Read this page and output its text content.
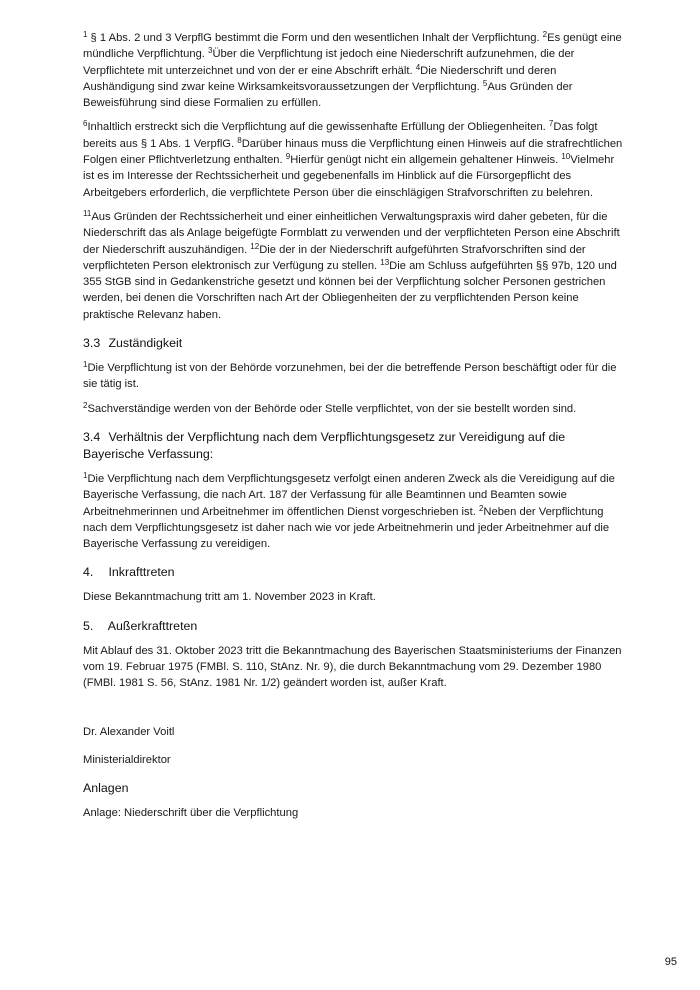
$^1$ § 1 Abs. 2 und 3 VerpflG bestimmt die Form und den wesentlichen Inhalt der Verpflichtung. $^2$Es genügt eine mündliche Verpflichtung. $^3$Über die Verpflichtung ist jedoch eine Niederschrift aufzunehmen, die der Verpflichtete mit unterzeichnet und von der er eine Abschrift erhält. $^4$Die Niederschrift und deren Aushändigung sind zwar keine Wirksamkeitsvoraussetzungen der Verpflichtung. $^5$Aus Gründen der Beweisführung sind diese Formalien zu erfüllen.

$^6$Inhaltlich erstreckt sich die Verpflichtung auf die gewissenhafte Erfüllung der Obliegenheiten. $^7$Das folgt bereits aus § 1 Abs. 1 VerpflG. $^8$Darüber hinaus muss die Verpflichtung einen Hinweis auf die strafrechtlichen Folgen einer Pflichtverletzung enthalten. $^9$Hierfür genügt nicht ein allgemein gehaltener Hinweis. $^{10}$Vielmehr ist es im Interesse der Rechtssicherheit und gegebenenfalls im Hinblick auf die Fürsorgepflicht des Arbeitgebers erforderlich, die verpflichtete Person über die einschlägigen Strafvorschriften zu belehren.

$^{11}$Aus Gründen der Rechtssicherheit und einer einheitlichen Verwaltungspraxis wird daher gebeten, für die Niederschrift das als Anlage beigefügte Formblatt zu verwenden und der verpflichteten Person eine Abschrift der Niederschrift auszuhändigen. $^{12}$Die der in der Niederschrift aufgeführten Strafvorschriften sind der verpflichteten Person elektronisch zur Verfügung zu stellen. $^{13}$Die am Schluss aufgeführten §§ 97b, 120 und 355 StGB sind in Gedankenstriche gesetzt und können bei der Verpflichtung solcher Personen gestrichen werden, bei denen die Vorschriften nach Art der Obliegenheiten der zu verpflichtenden Person keine praktische Relevanz haben.

3.3 Zuständigkeit

$^1$Die Verpflichtung ist von der Behörde vorzunehmen, bei der die betreffende Person beschäftigt oder für die sie tätig ist.

$^2$Sachverständige werden von der Behörde oder Stelle verpflichtet, von der sie bestellt worden sind.

3.4 Verhältnis der Verpflichtung nach dem Verpflichtungsgesetz zur Vereidigung auf die Bayerische Verfassung:

$^1$Die Verpflichtung nach dem Verpflichtungsgesetz verfolgt einen anderen Zweck als die Vereidigung auf die Bayerische Verfassung, die nach Art. 187 der Verfassung für alle Beamtinnen und Beamten sowie Arbeitnehmerinnen und Arbeitnehmer im öffentlichen Dienst vorgeschrieben ist. $^2$Neben der Verpflichtung nach dem Verpflichtungsgesetz ist daher nach wie vor jede Arbeitnehmerin und jeder Arbeitnehmer auf die Bayerische Verfassung zu vereidigen.

4. Inkrafttreten

Diese Bekanntmachung tritt am 1. November 2023 in Kraft.

5. Außerkrafttreten

Mit Ablauf des 31. Oktober 2023 tritt die Bekanntmachung des Bayerischen Staatsministeriums der Finanzen vom 19. Februar 1975 (FMBl. S. 110, StAnz. Nr. 9), die durch Bekanntmachung vom 29. Dezember 1980 (FMBl. 1981 S. 56, StAnz. 1981 Nr. 1/2) geändert worden ist, außer Kraft.

Dr. Alexander Voitl

Ministerialdirektor

Anlagen

Anlage: Niederschrift über die Verpflichtung

95
